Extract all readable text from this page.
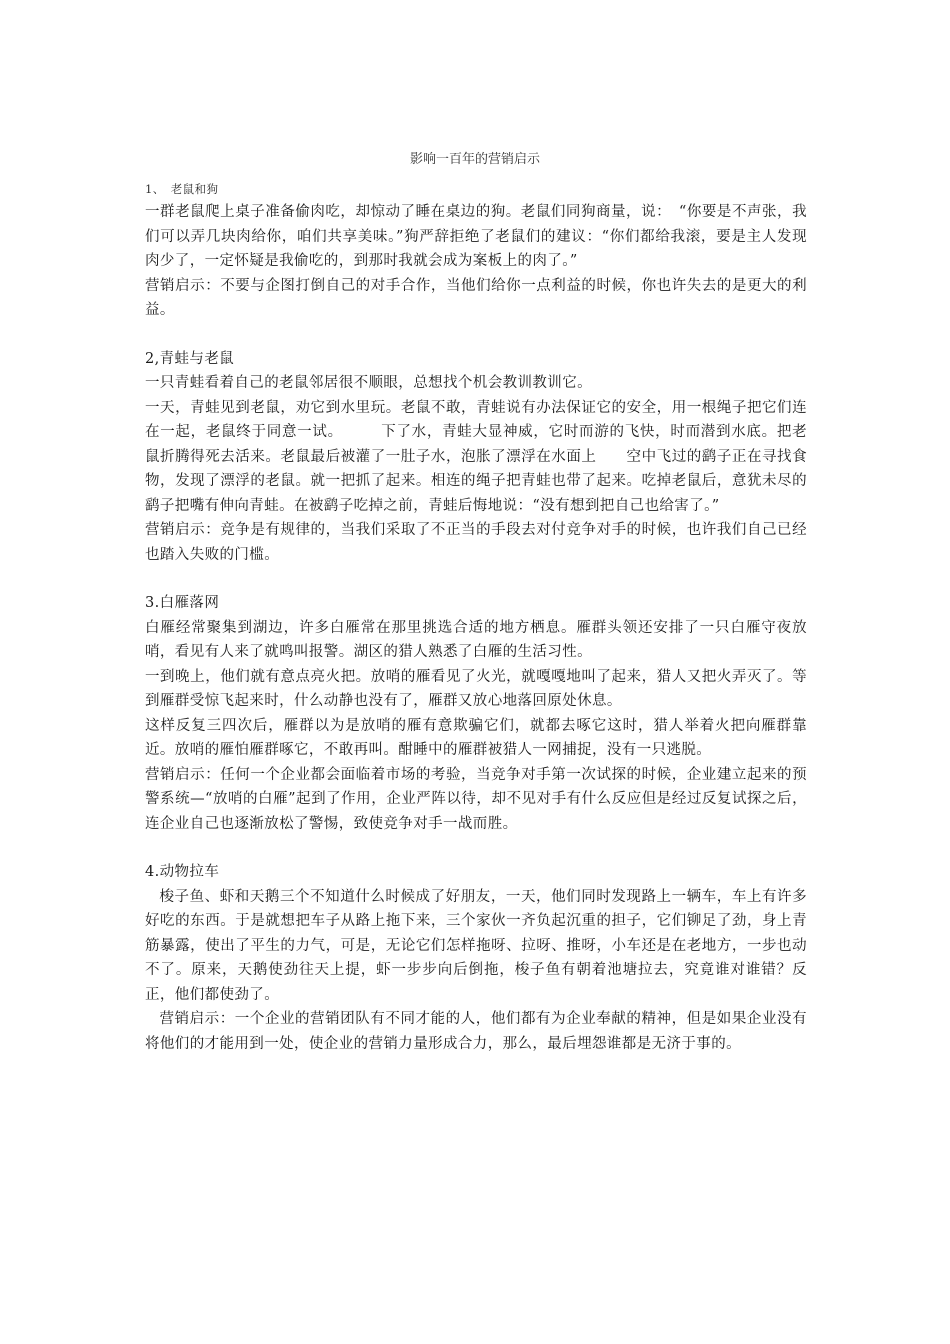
影响一百年的营销启示

1、　老鼠和狗

一群老鼠爬上桌子准备偷肉吃，却惊动了睡在桌边的狗。老鼠们同狗商量，说：　“你要是不声张，我们可以弄几块肉给你，咱们共享美味。”狗严辞拒绝了老鼠们的建议：“你们都给我滚，要是主人发现肉少了，一定怀疑是我偷吃的，到那时我就会成为案板上的肉了。”

营销启示：不要与企图打倒自己的对手合作，当他们给你一点利益的时候，你也许失去的是更大的利益。

2,青蛙与老鼠

一只青蛙看着自己的老鼠邻居很不顺眼，总想找个机会教训教训它。

一天，青蛙见到老鼠，劝它到水里玩。老鼠不敢，青蛙说有办法保证它的安全，用一根绳子把它们连在一起，老鼠终于同意一试。　　　下了水，青蛙大显神威，它时而游的飞快，时而潜到水底。把老鼠折腾得死去活来。老鼠最后被灌了一肚子水，泡胀了漂浮在水面上　　空中飞过的鹞子正在寻找食物，发现了漂浮的老鼠。就一把抓了起来。相连的绳子把青蛙也带了起来。吃掉老鼠后，意犹未尽的鹞子把嘴有伸向青蛙。在被鹞子吃掉之前，青蛙后悔地说：“没有想到把自己也给害了。”

营销启示：竞争是有规律的，当我们采取了不正当的手段去对付竞争对手的时候，也许我们自己已经也踏入失败的门槛。

3.白雁落网

白雁经常聚集到湖边，许多白雁常在那里挑选合适的地方栖息。雁群头领还安排了一只白雁守夜放哨，看见有人来了就鸣叫报警。湖区的猎人熟悉了白雁的生活习性。

一到晚上，他们就有意点亮火把。放哨的雁看见了火光，就嘎嘎地叫了起来，猎人又把火弄灭了。等到雁群受惊飞起来时，什么动静也没有了，雁群又放心地落回原处休息。

这样反复三四次后，雁群以为是放哨的雁有意欺骗它们，就都去啄它这时，猎人举着火把向雁群靠近。放哨的雁怕雁群啄它，不敢再叫。酣睡中的雁群被猎人一网捕捉，没有一只逃脱。

营销启示：任何一个企业都会面临着市场的考验，当竞争对手第一次试探的时候，企业建立起来的预警系统—“放哨的白雁”起到了作用，企业严阵以待，却不见对手有什么反应但是经过反复试探之后，连企业自己也逐渐放松了警惕，致使竞争对手一战而胜。

4.动物拉车

梭子鱼、虾和天鹅三个不知道什么时候成了好朋友，一天，他们同时发现路上一辆车，车上有许多好吃的东西。于是就想把车子从路上拖下来，三个家伙一齐负起沉重的担子，它们铆足了劲，身上青筋暴露，使出了平生的力气，可是，无论它们怎样拖呀、拉呀、推呀，小车还是在老地方，一步也动不了。原来，天鹅使劲往天上提，虾一步步向后倒拖，梭子鱼有朝着池塘拉去，究竟谁对谁错？反正，他们都使劲了。

营销启示：一个企业的营销团队有不同才能的人，他们都有为企业奉献的精神，但是如果企业没有将他们的才能用到一处，使企业的营销力量形成合力，那么，最后埋怨谁都是无济于事的。
